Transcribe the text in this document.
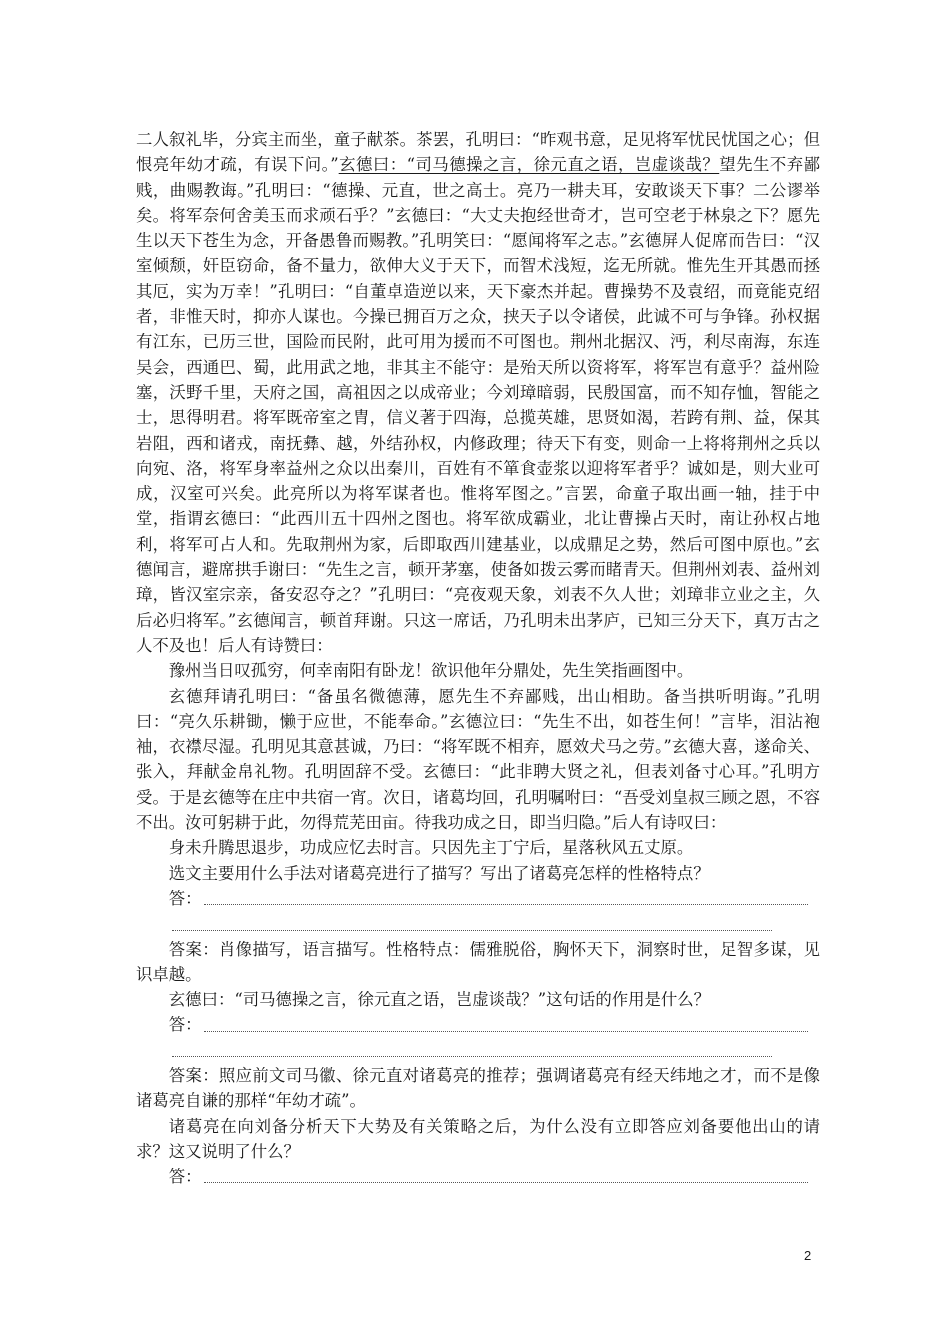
二人叙礼毕，分宾主而坐，童子献茶。茶罢，孔明曰：“昨观书意，足见将军忧民忧国之心；但恨亮年幼才疏，有误下问。”玄德曰：“司马德操之言，徐元直之语，岂虚谈哉？望先生不弃鄙贱，曲赐教诲。”孔明曰：“德操、元直，世之高士。亮乃一耕夫耳，安敢谈天下事？二公谬举矣。将军奈何舍美玉而求顽石乎？”玄德曰：“大丈夫抱经世奇才，岂可空老于林泉之下？愿先生以天下苍生为念，开备愚鲁而赐教。”孔明笑曰：“愿闻将军之志。”玄德屏人促席而告曰：“汉室倾颓，奸臣窃命，备不量力，欲伸大义于天下，而智术浅短，迄无所就。惟先生开其愚而拯其厄，实为万幸！”孔明曰：“自董卓造逆以来，天下豪杰并起。曹操势不及袁绍，而竟能克绍者，非惟天时，抑亦人谋也。今操已拥百万之众，挟天子以令诸侯，此诚不可与争锋。孙权据有江东，已历三世，国险而民附，此可用为援而不可图也。荆州北据汉、沔，利尽南海，东连吴会，西通巴、蜀，此用武之地，非其主不能守：是殆天所以资将军，将军岂有意乎？益州险塞，沃野千里，天府之国，高祖因之以成帝业；今刘璋暗弱，民殷国富，而不知存恤，智能之士，思得明君。将军既帝室之胄，信义著于四海，总揽英雄，思贤如渴，若跨有荆、益，保其岩阻，西和诸戎，南抚彝、越，外结孙权，内修政理；待天下有变，则命一上将将荆州之兵以向宛、洛，将军身率益州之众以出秦川，百姓有不箪食壶浆以迎将军者乎？诚如是，则大业可成，汉室可兴矣。此亮所以为将军谋者也。惟将军图之。”言罢，命童子取出画一轴，挂于中堂，指谓玄德曰：“此西川五十四州之图也。将军欲成霸业，北让曹操占天时，南让孙权占地利，将军可占人和。先取荆州为家，后即取西川建基业，以成鼎足之势，然后可图中原也。”玄德闻言，避席拱手谢曰：“先生之言，顿开茅塞，使备如拨云雾而睹青天。但荆州刘表、益州刘璋，皆汉室宗亲，备安忍夺之？”孔明曰：“亮夜观天象，刘表不久人世；刘璋非立业之主，久后必归将军。”玄德闻言，顿首拜谢。只这一席话，乃孔明未出茅庐，已知三分天下，真万古之人不及也！后人有诗赞曰：

豫州当日叹孤穷，何幸南阳有卧龙！欲识他年分鼎处，先生笑指画图中。

玄德拜请孔明曰：“备虽名微德薄，愿先生不弃鄙贱，出山相助。备当拱听明诲。”孔明曰：“亮久乐耕锄，懒于应世，不能奉命。”玄德泣曰：“先生不出，如苍生何！”言毕，泪沾袍袖，衣襟尽湿。孔明见其意甚诚，乃曰：“将军既不相弃，愿效犬马之劳。”玄德大喜，遂命关、张入，拜献金帛礼物。孔明固辞不受。玄德曰：“此非聘大贤之礼，但表刘备寸心耳。”孔明方受。于是玄德等在庄中共宿一宵。次日，诸葛均回，孔明嘱咐曰：“吾受刘皇叔三顾之恩，不容不出。汝可躬耕于此，勿得荒芜田亩。待我功成之日，即当归隐。”后人有诗叹曰：

身未升腾思退步，功成应忆去时言。只因先主丁宁后，星落秋风五丈原。

选文主要用什么手法对诸葛亮进行了描写？写出了诸葛亮怎样的性格特点？

答：

答案：肖像描写，语言描写。性格特点：儒雅脱俗，胸怀天下，洞察时世，足智多谋，见识卓越。

玄德曰：“司马德操之言，徐元直之语，岂虚谈哉？”这句话的作用是什么？

答：

答案：照应前文司马徽、徐元直对诸葛亮的推荐；强调诸葛亮有经天纬地之才，而不是像诸葛亮自谦的那样“年幼才疏”。

诸葛亮在向刘备分析天下大势及有关策略之后，为什么没有立即答应刘备要他出山的请求？这又说明了什么？

答：
2
